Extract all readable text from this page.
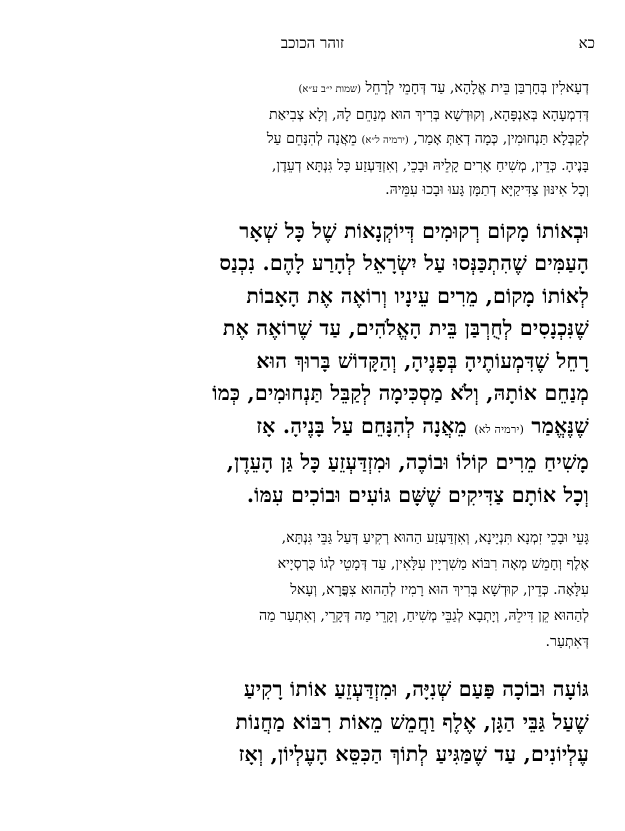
כא
זוהר הכוכב

דְעָאלִין בְּחָרְבַּן בֵּית אֱלָהָא, עַד דְּחָמֵי לְרָחֵל (שמות י״ב ע״א)
דְּדִמְעָהָא בְּאַנְפָּהָא, וְקוּדְשָׁא בְּרִיךְ הוּא מְנַחֵם לָהּ, וְלָא צְבִיאַת
לְקַבְּלָא תַּנְחוּמִין, כְּמָה דְאַתְּ אָמַר, (ירמיה ל״א) מֵאֲנָה לְהִנָּחֵם עַל
בָּנֶיהָ. כְּדֵין, מְשִׁיחַ אָרִים קָלֵיהּ וּבָכֵי, וְאִזְדַּעְזַע כָּל גִּנְתָּא דְעֵדֶן,
וְכָל אִינּוּן צַדִּיקַיָּא דְתַמָּן גָּעוּ וּבָכוּ עִמֵּיהּ.

וּבְאוֹתוֹ מָקוֹם רְקוּמִים דְּיוֹקְנָאוֹת שֶׁל כָּל שְׁאָר
הָעַמִּים שֶׁהִתְכַּנְּסוּ עַל יִשְׂרָאֵל לְהָרַע לָהֶם. נִכְנַס
לְאוֹתוֹ מָקוֹם, מֵרִים עֵינָיו וְרוֹאֶה אֶת הָאָבוֹת
שֶׁנִּכְנָסִים לְחֻרְבַּן בֵּית הָאֱלֹהִים, עַד שֶׁרוֹאֶה אֶת
רָחֵל שֶׁדִּמְעוֹתֶיהָ בְּפָנֶיהָ, וְהַקָּדוֹשׁ בָּרוּךְ הוּא
מְנַחֵם אוֹתָהּ, וְלֹא מַסְכִּימָה לְקַבֵּל תַּנְחוּמִים, כְּמוֹ
שֶׁנֶּאֱמַר (ירמיה לא) מֵאֲנָה לְהִנָּחֵם עַל בָּנֶיהָ. אָז
מָשִׁיחַ מֵרִים קוֹלוֹ וּבוֹכֶה, וּמִזְדַּעְזֵעַ כָּל גַּן הָעֵדֶן,
וְכָל אוֹתָם צַדִּיקִים שֶׁשָּׁם גּוֹעִים וּבוֹכִים עִמּוֹ.

גָּעֵי וּבָכֵי זִמְנָא תִּנְיָינָא, וְאִזְדַּעְזַע הַהוּא רְקִיעַ דְּעַל גַּבֵּי גִּנְתָּא,
אֶלֶף וְחָמֵשׁ מְאָה רִבּוֹא מַשִׁרְיָין עִלָּאִין, עַד דְּמָטֵי לְגוֹ כֻּרְסְיָיא
עִלָּאָה. כְּדֵין, קוּדְשָׁא בְּרִיךְ הוּא רָמִיז לְהַהוּא צִפֳּרָא, וְעָאל
לְהַהוּא קֵן דִּילֵהּ, וְיָתְבָא לְגַבֵּי מְשִׁיחַ, וְקָרֵי מַה דְּקָרֵי, וְאִתְעַר מַה
דְּאִתְעַר.

גּוֹעָה וּבוֹכָה פַּעַם שְׁנִיָּה, וּמִזְדַּעְזֵעַ אוֹתוֹ רָקִיעַ
שֶׁעַל גַּבֵּי הַגָּן, אֶלֶף וַחֲמֵשׁ מֵאוֹת רִבּוֹא מַחֲנוֹת
עֶלְיוֹנִים, עַד שֶׁמַּגִּיעַ לְתוֹךְ הַכִּסֵּא הָעֶלְיוֹן, וְאָז
